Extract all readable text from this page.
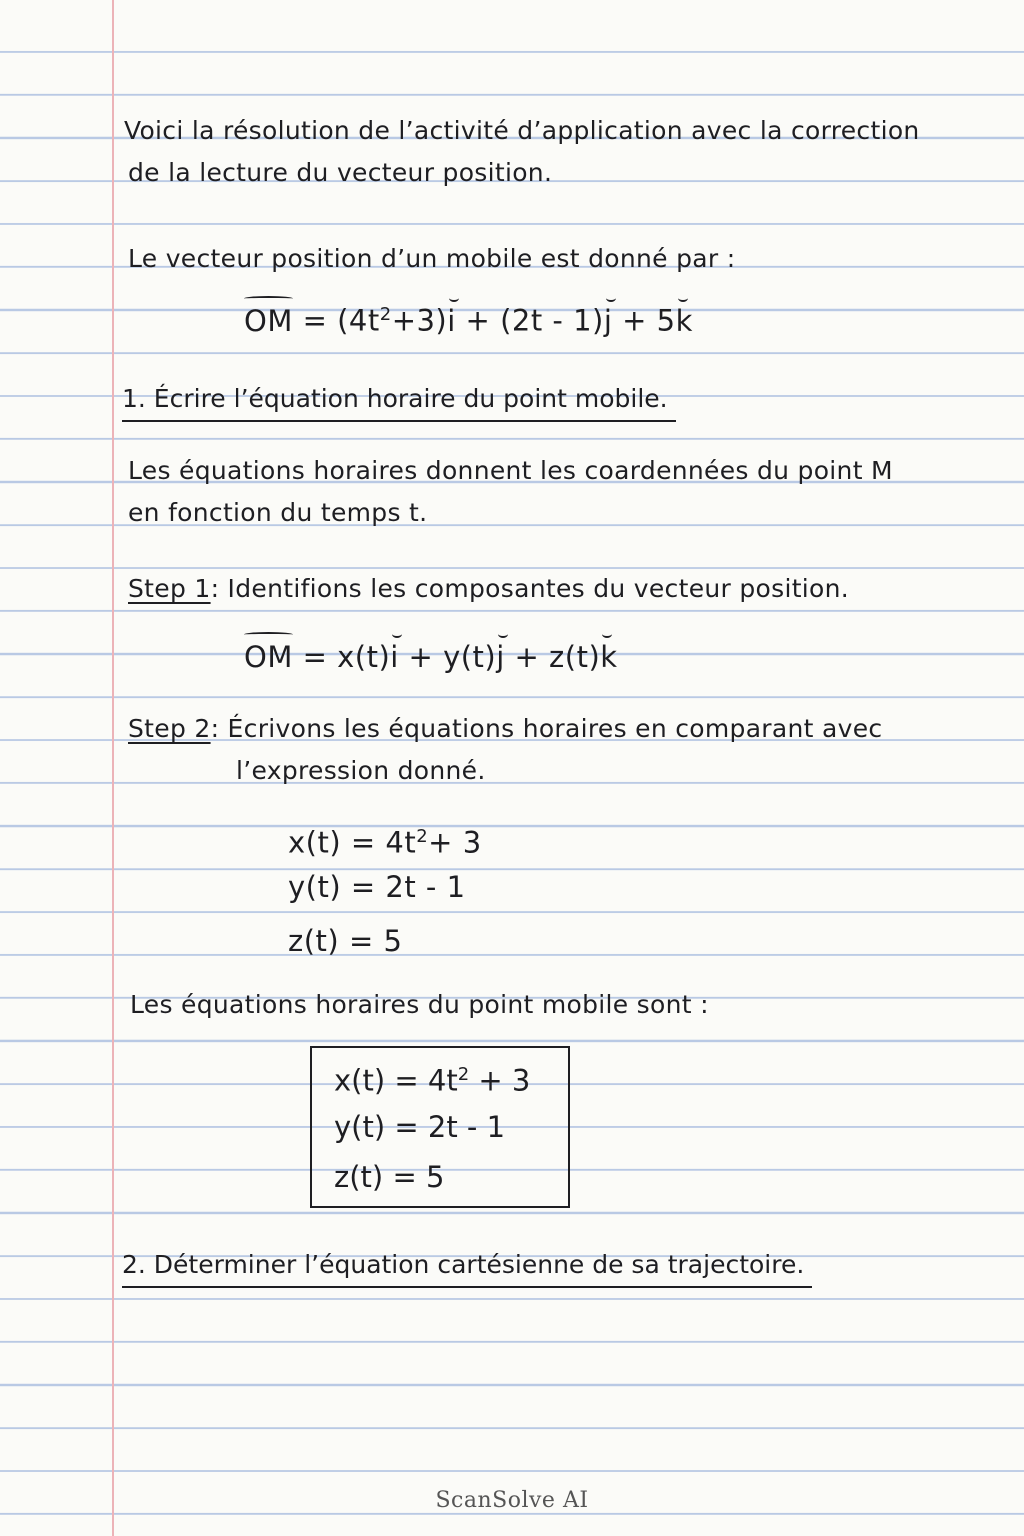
Voici la résolution de l’activité d’application avec la correction
de la lecture du vecteur position.
Le vecteur position d’un mobile est donné par :
OM = $(4t^2+3)i + (2t - 1)j + 5k$
1. Écrire l’équation horaire du point mobile.
Les équations horaires donnent les coardennées du point M
en fonction du temps t.
Step 1: Identifions les composantes du vecteur position.
OM = x(t)i + y(t)j + z(t)k
Step 2: Écrivons les équations horaires en comparant avec
l’expression donné.
$x(t) = 4t^2+ 3$
y(t) = 2t - 1
z(t) = 5
Les équations horaires du point mobile sont :
$x(t) = 4t^2 + 3$
y(t) = 2t - 1
z(t) = 5
2. Déterminer l’équation cartésienne de sa trajectoire.
ScanSolve AI
